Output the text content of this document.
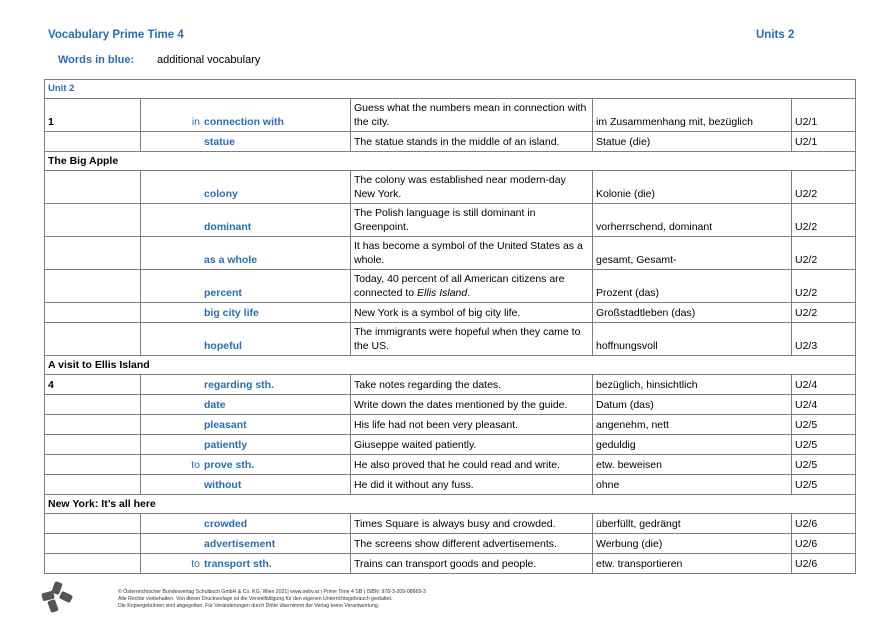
Vocabulary Prime Time 4	Units 2
Words in blue: additional vocabulary
Unit 2				
1	in connection with	Guess what the numbers mean in connection with the city.	im Zusammenhang mit, bezüglich	U2/1
	statue	The statue stands in the middle of an island.	Statue (die)	U2/1
The Big Apple				
	colony	The colony was established near modern-day New York.	Kolonie (die)	U2/2
	dominant	The Polish language is still dominant in Greenpoint.	vorherrschend, dominant	U2/2
	as a whole	It has become a symbol of the United States as a whole.	gesamt, Gesamt-	U2/2
	percent	Today, 40 percent of all American citizens are connected to Ellis Island.	Prozent (das)	U2/2
	big city life	New York is a symbol of big city life.	Großstadtleben (das)	U2/2
	hopeful	The immigrants were hopeful when they came to the US.	hoffnungsvoll	U2/3
A visit to Ellis Island				
4	regarding sth.	Take notes regarding the dates.	bezüglich, hinsichtlich	U2/4
	date	Write down the dates mentioned by the guide.	Datum (das)	U2/4
	pleasant	His life had not been very pleasant.	angenehm, nett	U2/5
	patiently	Giuseppe waited patiently.	geduldig	U2/5
	to prove sth.	He also proved that he could read and write.	etw. beweisen	U2/5
	without	He did it without any fuss.	ohne	U2/5
New York: It’s all here				
	crowded	Times Square is always busy and crowded.	überfüllt, gedrängt	U2/6
	advertisement	The screens show different advertisements.	Werbung (die)	U2/6
	to transport sth.	Trains can transport goods and people.	etw. transportieren	U2/6
öbv
© Österreichischer Bundesverlag Schulbuch GmbH & Co. KG, Wien 2021| www.oebv.at | Prime Time 4 SB | ISBN: 978-3-209-08669-3
Alle Rechte vorbehalten. Von dieser Druckvorlage ist die Vervielfältigung für den eigenen Unterrichtsgebrauch gestattet.
Die Kopiergebühren sind abgegolten. Für Veränderungen durch Dritte übernimmt der Verlag keine Verantwortung.
